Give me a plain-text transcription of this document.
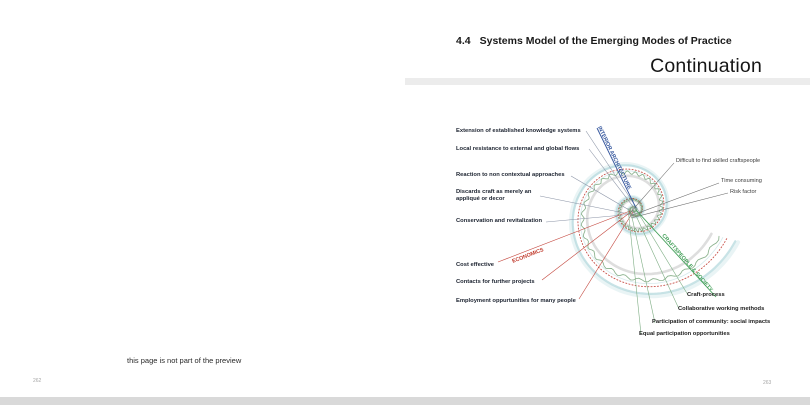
this page is not part of the preview
262
4.4 Systems Model of the Emerging Modes of Practice
Continuation
INTERIOR ARCHITECTURE
ECONOMICS	CRAFTSPEOPLE & SOCIETY
Extension of established knowledge systems
Local resistance to external and global flows
Reaction to non contextual approaches
Discards craft as merely an appliqué or decor
Conservation and revitalization
Cost effective
Contacts for further projects
Employment oppurtunities for many people
Difficult to find skilled craftspeople
Time consuming
Risk factor
Craft-process
Collaborative working methods
Participation of community: social impacts
Equal participation opportunities
263
